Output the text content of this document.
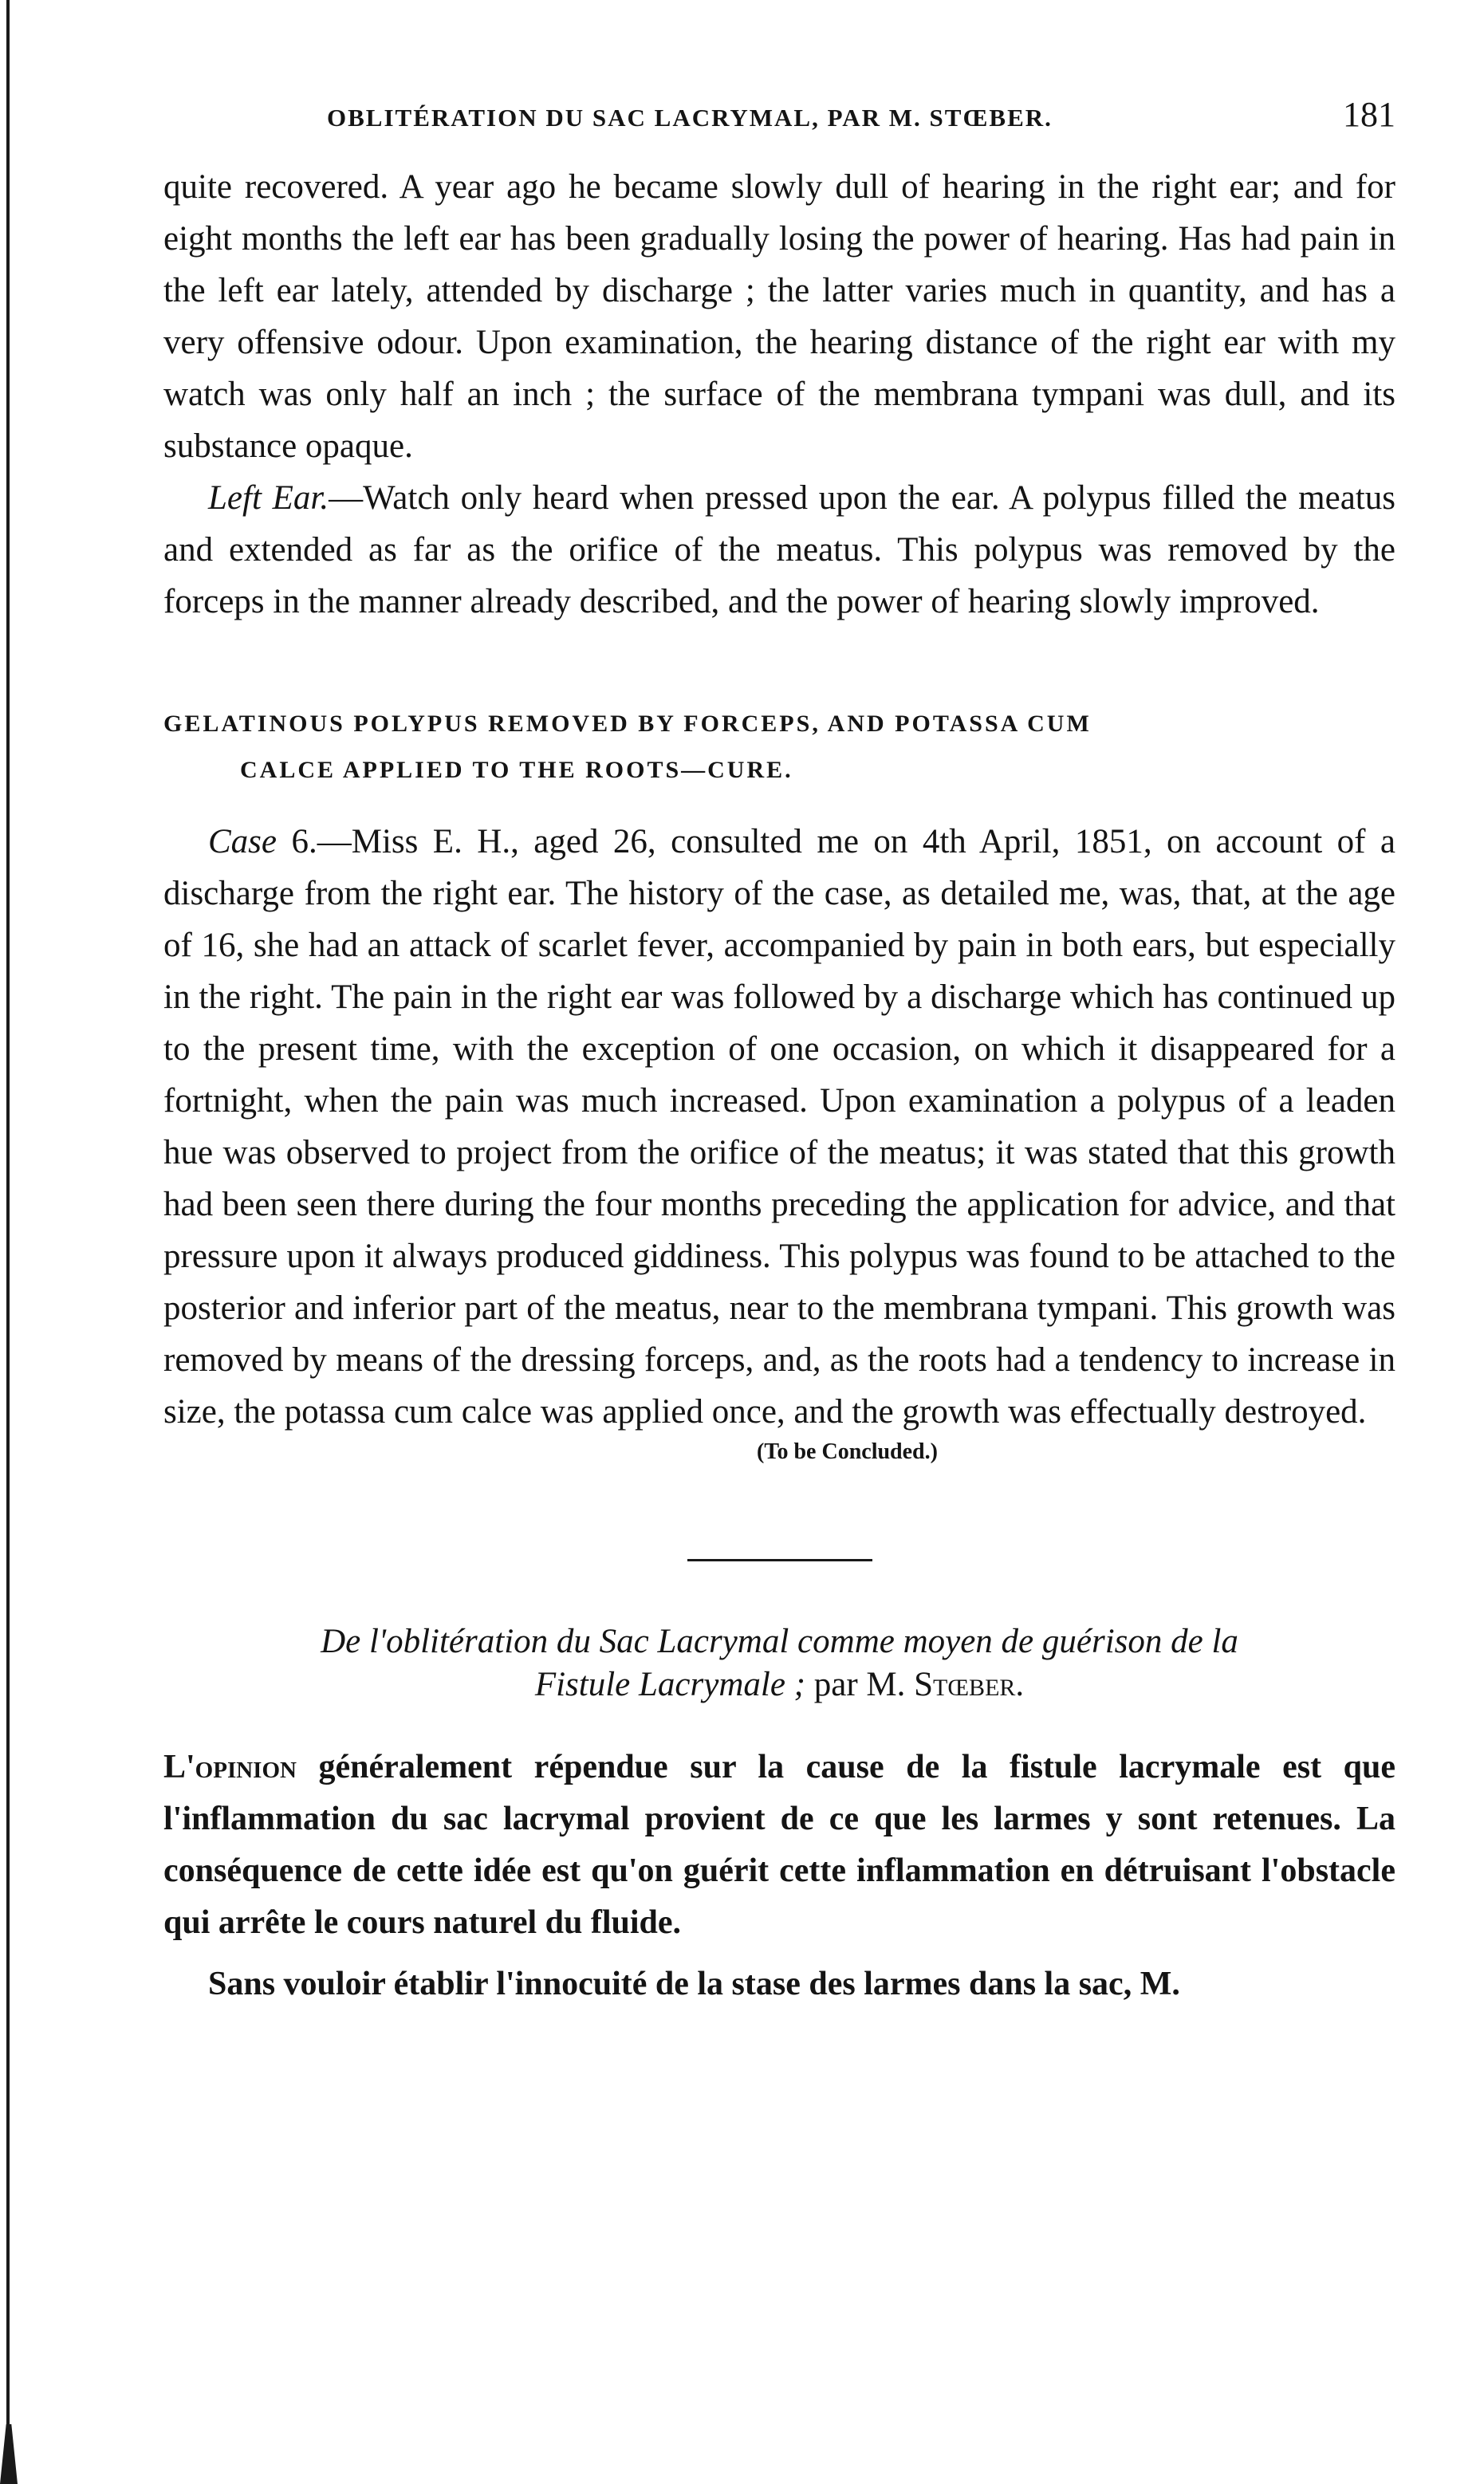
OBLITÉRATION DU SAC LACRYMAL, PAR M. STŒBER.	181

quite recovered. A year ago he became slowly dull of hearing in the right ear; and for eight months the left ear has been gradually losing the power of hearing. Has had pain in the left ear lately, attended by discharge ; the latter varies much in quantity, and has a very offensive odour. Upon examination, the hearing distance of the right ear with my watch was only half an inch ; the surface of the membrana tympani was dull, and its substance opaque.

Left Ear.—Watch only heard when pressed upon the ear. A polypus filled the meatus and extended as far as the orifice of the meatus. This polypus was removed by the forceps in the manner already described, and the power of hearing slowly improved.

GELATINOUS POLYPUS REMOVED BY FORCEPS, AND POTASSA CUM
CALCE APPLIED TO THE ROOTS—CURE.

Case 6.—Miss E. H., aged 26, consulted me on 4th April, 1851, on account of a discharge from the right ear. The history of the case, as detailed me, was, that, at the age of 16, she had an attack of scarlet fever, accompanied by pain in both ears, but especially in the right. The pain in the right ear was followed by a discharge which has continued up to the present time, with the exception of one occasion, on which it disappeared for a fortnight, when the pain was much increased. Upon examination a polypus of a leaden hue was observed to project from the orifice of the meatus; it was stated that this growth had been seen there during the four months preceding the application for advice, and that pressure upon it always produced giddiness. This polypus was found to be attached to the posterior and inferior part of the meatus, near to the membrana tympani. This growth was removed by means of the dressing forceps, and, as the roots had a tendency to increase in size, the potassa cum calce was applied once, and the growth was effectually destroyed.

(To be Concluded.)
De l'oblitération du Sac Lacrymal comme moyen de guérison de la
Fistule Lacrymale ; par M. Stœber.

L'opinion généralement répendue sur la cause de la fistule lacrymale est que l'inflammation du sac lacrymal provient de ce que les larmes y sont retenues. La conséquence de cette idée est qu'on guérit cette inflammation en détruisant l'obstacle qui arrête le cours naturel du fluide.

Sans vouloir établir l'innocuité de la stase des larmes dans la sac, M.
